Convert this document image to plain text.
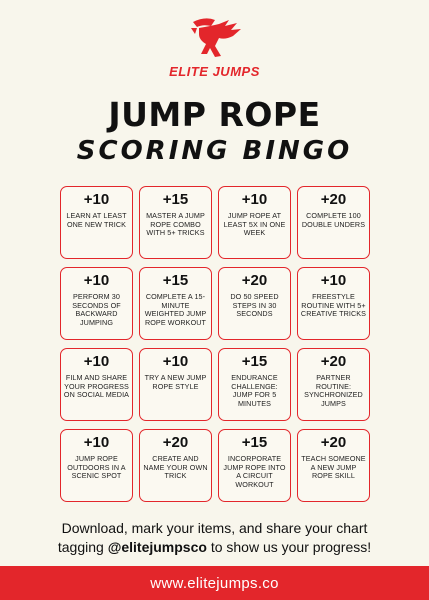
ELITE JUMPS
JUMP ROPE
SCORING BINGO
+10
LEARN AT LEAST ONE NEW TRICK
+15
MASTER A JUMP ROPE COMBO WITH 5+ TRICKS
+10
JUMP ROPE AT LEAST 5X IN ONE WEEK
+20
COMPLETE 100 DOUBLE UNDERS
+10
PERFORM 30 SECONDS OF BACKWARD JUMPING
+15
COMPLETE A 15-MINUTE WEIGHTED JUMP ROPE WORKOUT
+20
DO 50 SPEED STEPS IN 30 SECONDS
+10
FREESTYLE ROUTINE WITH 5+ CREATIVE TRICKS
+10
FILM AND SHARE YOUR PROGRESS ON SOCIAL MEDIA
+10
TRY A NEW JUMP ROPE STYLE
+15
ENDURANCE CHALLENGE: JUMP FOR 5 MINUTES
+20
PARTNER ROUTINE: SYNCHRONIZED JUMPS
+10
JUMP ROPE OUTDOORS IN A SCENIC SPOT
+20
CREATE AND NAME YOUR OWN TRICK
+15
INCORPORATE JUMP ROPE INTO A CIRCUIT WORKOUT
+20
TEACH SOMEONE A NEW JUMP ROPE SKILL
Download, mark your items, and share your chart
tagging @elitejumpsco to show us your progress!
www.elitejumps.co
